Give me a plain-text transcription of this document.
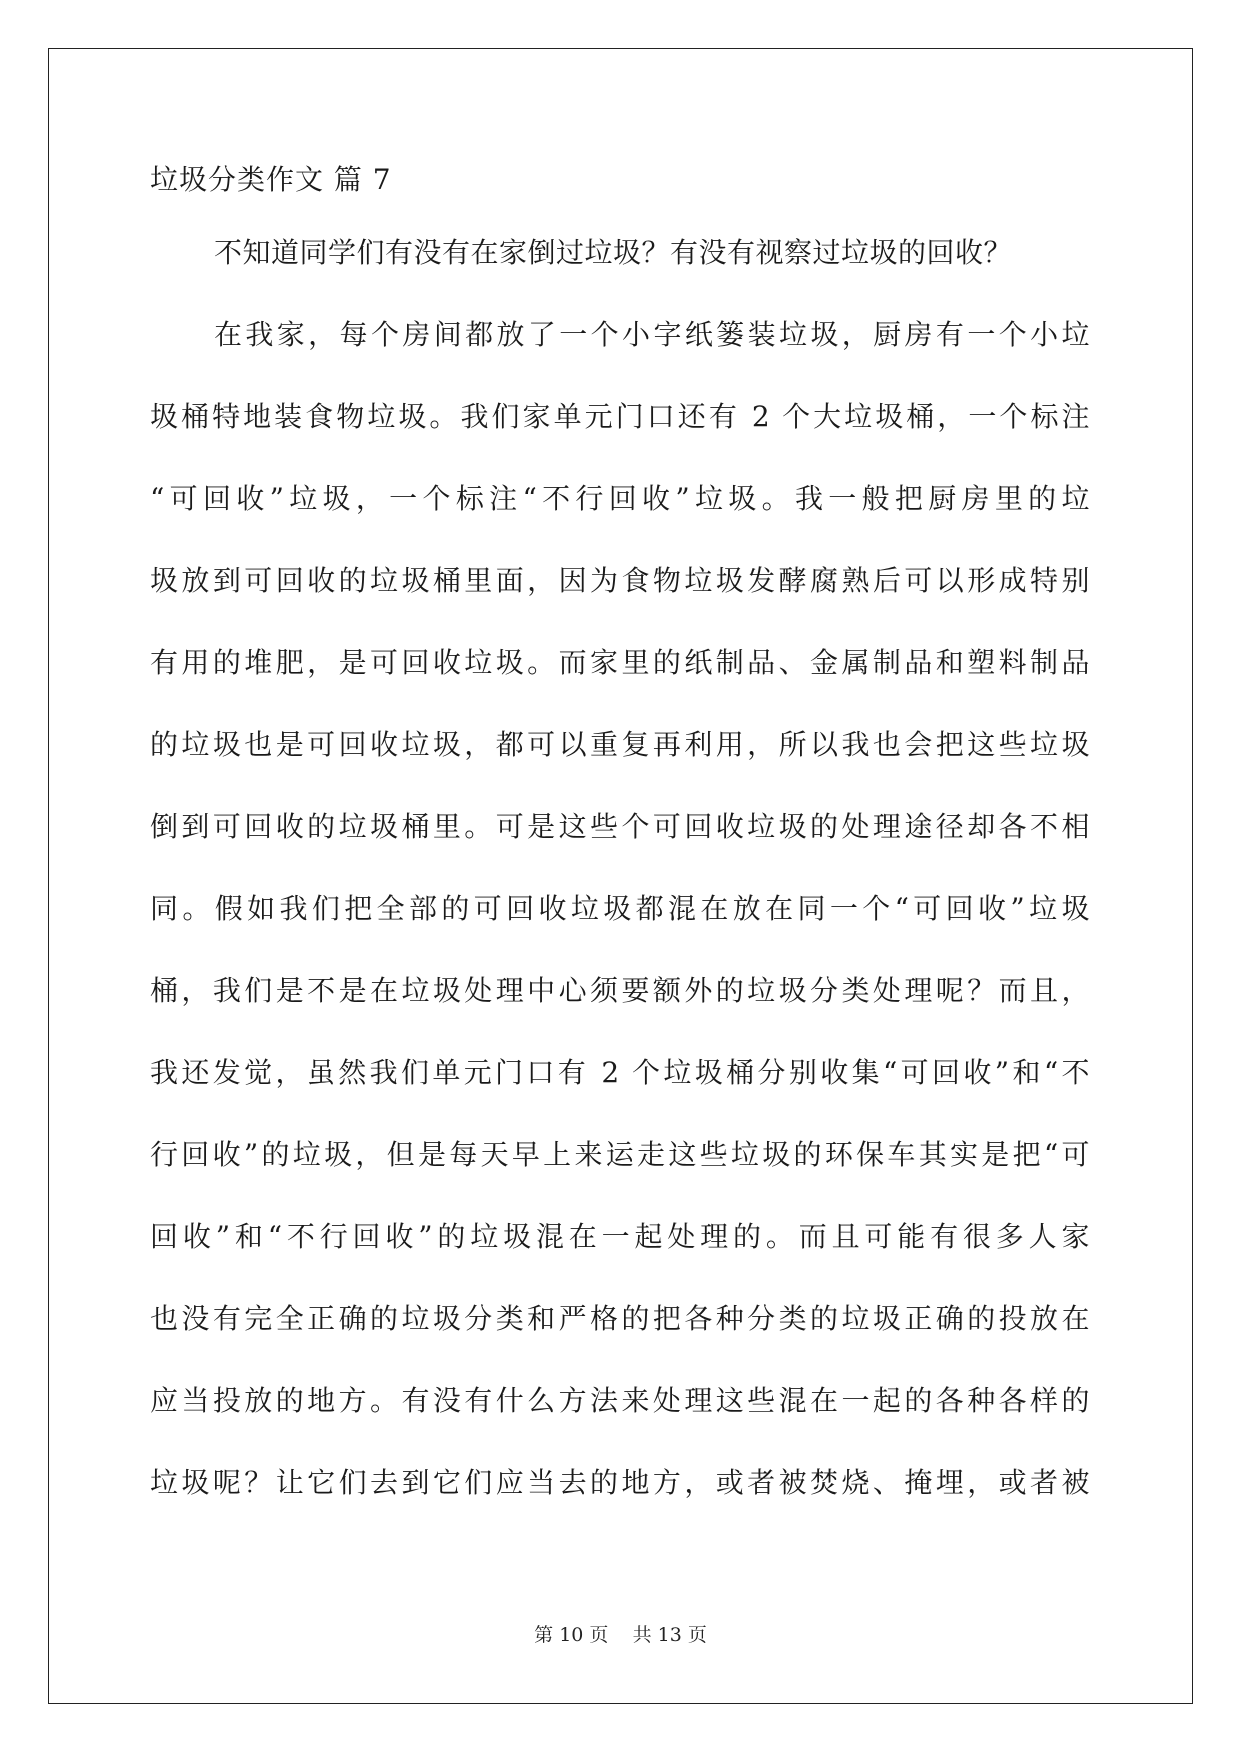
垃圾分类作文 篇 7
不知道同学们有没有在家倒过垃圾？有没有视察过垃圾的回收？
在我家，每个房间都放了一个小字纸篓装垃圾，厨房有一个小垃
圾桶特地装食物垃圾。我们家单元门口还有 2 个大垃圾桶，一个标注
“可回收”垃圾，一个标注“不行回收”垃圾。我一般把厨房里的垃
圾放到可回收的垃圾桶里面，因为食物垃圾发酵腐熟后可以形成特别
有用的堆肥，是可回收垃圾。而家里的纸制品、金属制品和塑料制品
的垃圾也是可回收垃圾，都可以重复再利用，所以我也会把这些垃圾
倒到可回收的垃圾桶里。可是这些个可回收垃圾的处理途径却各不相
同。假如我们把全部的可回收垃圾都混在放在同一个“可回收”垃圾
桶，我们是不是在垃圾处理中心须要额外的垃圾分类处理呢？而且，
我还发觉，虽然我们单元门口有 2 个垃圾桶分别收集“可回收”和“不
行回收”的垃圾，但是每天早上来运走这些垃圾的环保车其实是把“可
回收”和“不行回收”的垃圾混在一起处理的。而且可能有很多人家
也没有完全正确的垃圾分类和严格的把各种分类的垃圾正确的投放在
应当投放的地方。有没有什么方法来处理这些混在一起的各种各样的
垃圾呢？让它们去到它们应当去的地方，或者被焚烧、掩埋，或者被
第 10 页    共 13 页
